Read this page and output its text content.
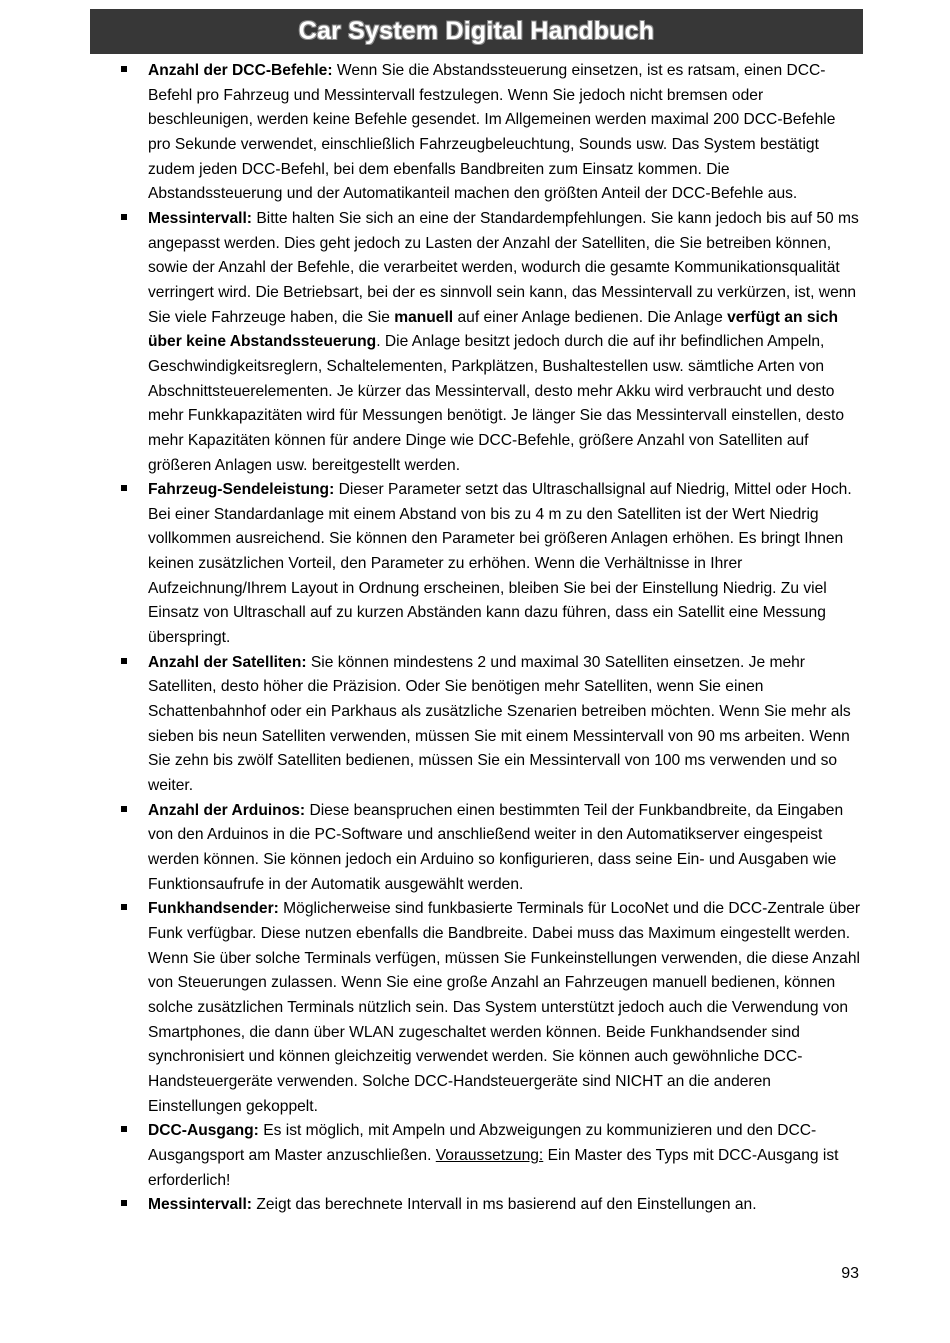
Car System Digital Handbuch
Anzahl der DCC-Befehle: Wenn Sie die Abstandssteuerung einsetzen, ist es ratsam, einen DCC-Befehl pro Fahrzeug und Messintervall festzulegen. Wenn Sie jedoch nicht bremsen oder beschleunigen, werden keine Befehle gesendet. Im Allgemeinen werden maximal 200 DCC-Befehle pro Sekunde verwendet, einschließlich Fahrzeugbeleuchtung, Sounds usw. Das System bestätigt zudem jeden DCC-Befehl, bei dem ebenfalls Bandbreiten zum Einsatz kommen. Die Abstandssteuerung und der Automatikanteil machen den größten Anteil der DCC-Befehle aus.
Messintervall: Bitte halten Sie sich an eine der Standardempfehlungen. Sie kann jedoch bis auf 50 ms angepasst werden. Dies geht jedoch zu Lasten der Anzahl der Satelliten, die Sie betreiben können, sowie der Anzahl der Befehle, die verarbeitet werden, wodurch die gesamte Kommunikationsqualität verringert wird. Die Betriebsart, bei der es sinnvoll sein kann, das Messintervall zu verkürzen, ist, wenn Sie viele Fahrzeuge haben, die Sie manuell auf einer Anlage bedienen. Die Anlage verfügt an sich über keine Abstandssteuerung. Die Anlage besitzt jedoch durch die auf ihr befindlichen Ampeln, Geschwindigkeitsreglern, Schaltelementen, Parkplätzen, Bushaltestellen usw. sämtliche Arten von Abschnittsteuerelementen. Je kürzer das Messintervall, desto mehr Akku wird verbraucht und desto mehr Funkkapazitäten wird für Messungen benötigt. Je länger Sie das Messintervall einstellen, desto mehr Kapazitäten können für andere Dinge wie DCC-Befehle, größere Anzahl von Satelliten auf größeren Anlagen usw. bereitgestellt werden.
Fahrzeug-Sendeleistung: Dieser Parameter setzt das Ultraschallsignal auf Niedrig, Mittel oder Hoch. Bei einer Standardanlage mit einem Abstand von bis zu 4 m zu den Satelliten ist der Wert Niedrig vollkommen ausreichend. Sie können den Parameter bei größeren Anlagen erhöhen. Es bringt Ihnen keinen zusätzlichen Vorteil, den Parameter zu erhöhen. Wenn die Verhältnisse in Ihrer Aufzeichnung/Ihrem Layout in Ordnung erscheinen, bleiben Sie bei der Einstellung Niedrig. Zu viel Einsatz von Ultraschall auf zu kurzen Abständen kann dazu führen, dass ein Satellit eine Messung überspringt.
Anzahl der Satelliten: Sie können mindestens 2 und maximal 30 Satelliten einsetzen. Je mehr Satelliten, desto höher die Präzision. Oder Sie benötigen mehr Satelliten, wenn Sie einen Schattenbahnhof oder ein Parkhaus als zusätzliche Szenarien betreiben möchten. Wenn Sie mehr als sieben bis neun Satelliten verwenden, müssen Sie mit einem Messintervall von 90 ms arbeiten. Wenn Sie zehn bis zwölf Satelliten bedienen, müssen Sie ein Messintervall von 100 ms verwenden und so weiter.
Anzahl der Arduinos: Diese beanspruchen einen bestimmten Teil der Funkbandbreite, da Eingaben von den Arduinos in die PC-Software und anschließend weiter in den Automatikserver eingespeist werden können. Sie können jedoch ein Arduino so konfigurieren, dass seine Ein- und Ausgaben wie Funktionsaufrufe in der Automatik ausgewählt werden.
Funkhandsender: Möglicherweise sind funkbasierte Terminals für LocoNet und die DCC-Zentrale über Funk verfügbar. Diese nutzen ebenfalls die Bandbreite. Dabei muss das Maximum eingestellt werden. Wenn Sie über solche Terminals verfügen, müssen Sie Funkeinstellungen verwenden, die diese Anzahl von Steuerungen zulassen. Wenn Sie eine große Anzahl an Fahrzeugen manuell bedienen, können solche zusätzlichen Terminals nützlich sein. Das System unterstützt jedoch auch die Verwendung von Smartphones, die dann über WLAN zugeschaltet werden können. Beide Funkhandsender sind synchronisiert und können gleichzeitig verwendet werden. Sie können auch gewöhnliche DCC-Handsteuergeräte verwenden. Solche DCC-Handsteuergeräte sind NICHT an die anderen Einstellungen gekoppelt.
DCC-Ausgang: Es ist möglich, mit Ampeln und Abzweigungen zu kommunizieren und den DCC-Ausgangsport am Master anzuschließen. Voraussetzung: Ein Master des Typs mit DCC-Ausgang ist erforderlich!
Messintervall: Zeigt das berechnete Intervall in ms basierend auf den Einstellungen an.
93
